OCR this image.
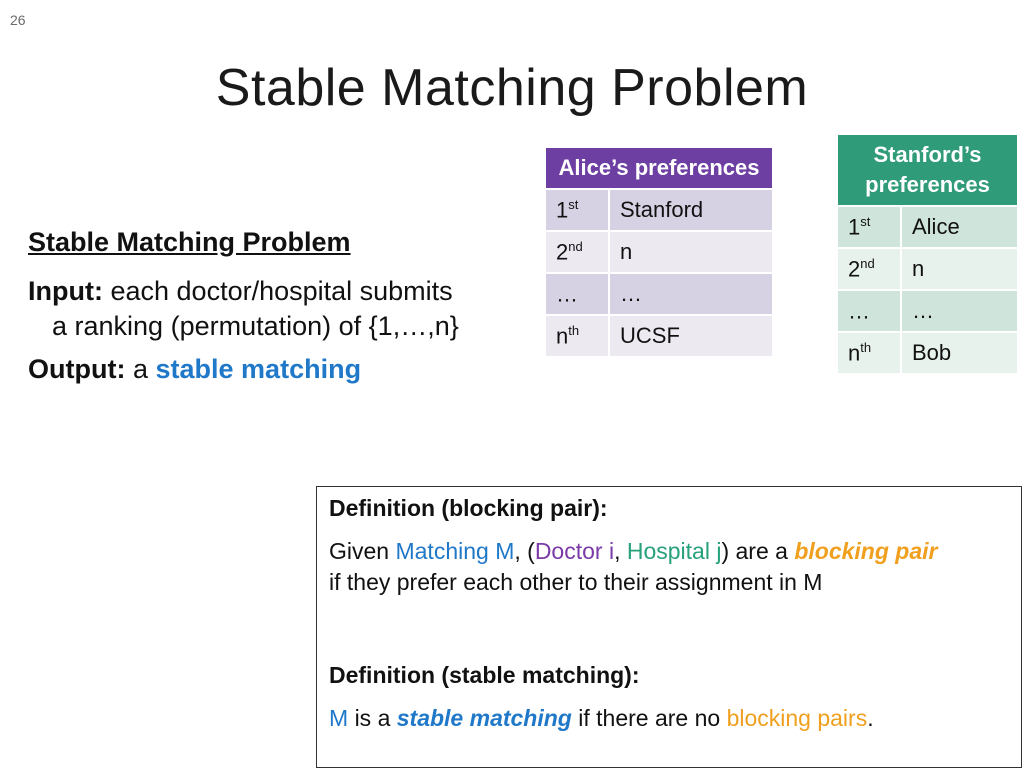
26
Stable Matching Problem
Stable Matching Problem
Input: each doctor/hospital submits
a ranking (permutation) of {1,…,n}
Output: a stable matching
Alice’s preferences	
1st	Stanford
2nd	n
…	…
$n^{th}$	UCSF
Stanford’s
preferences	

1st	Alice
2nd	n
…	…
$n^{th}$	Bob
Definition (blocking pair):
Given Matching M, (Doctor i, Hospital j) are a blocking pair
if they prefer each other to their assignment in M
Definition (stable matching):
M is a stable matching if there are no blocking pairs.
